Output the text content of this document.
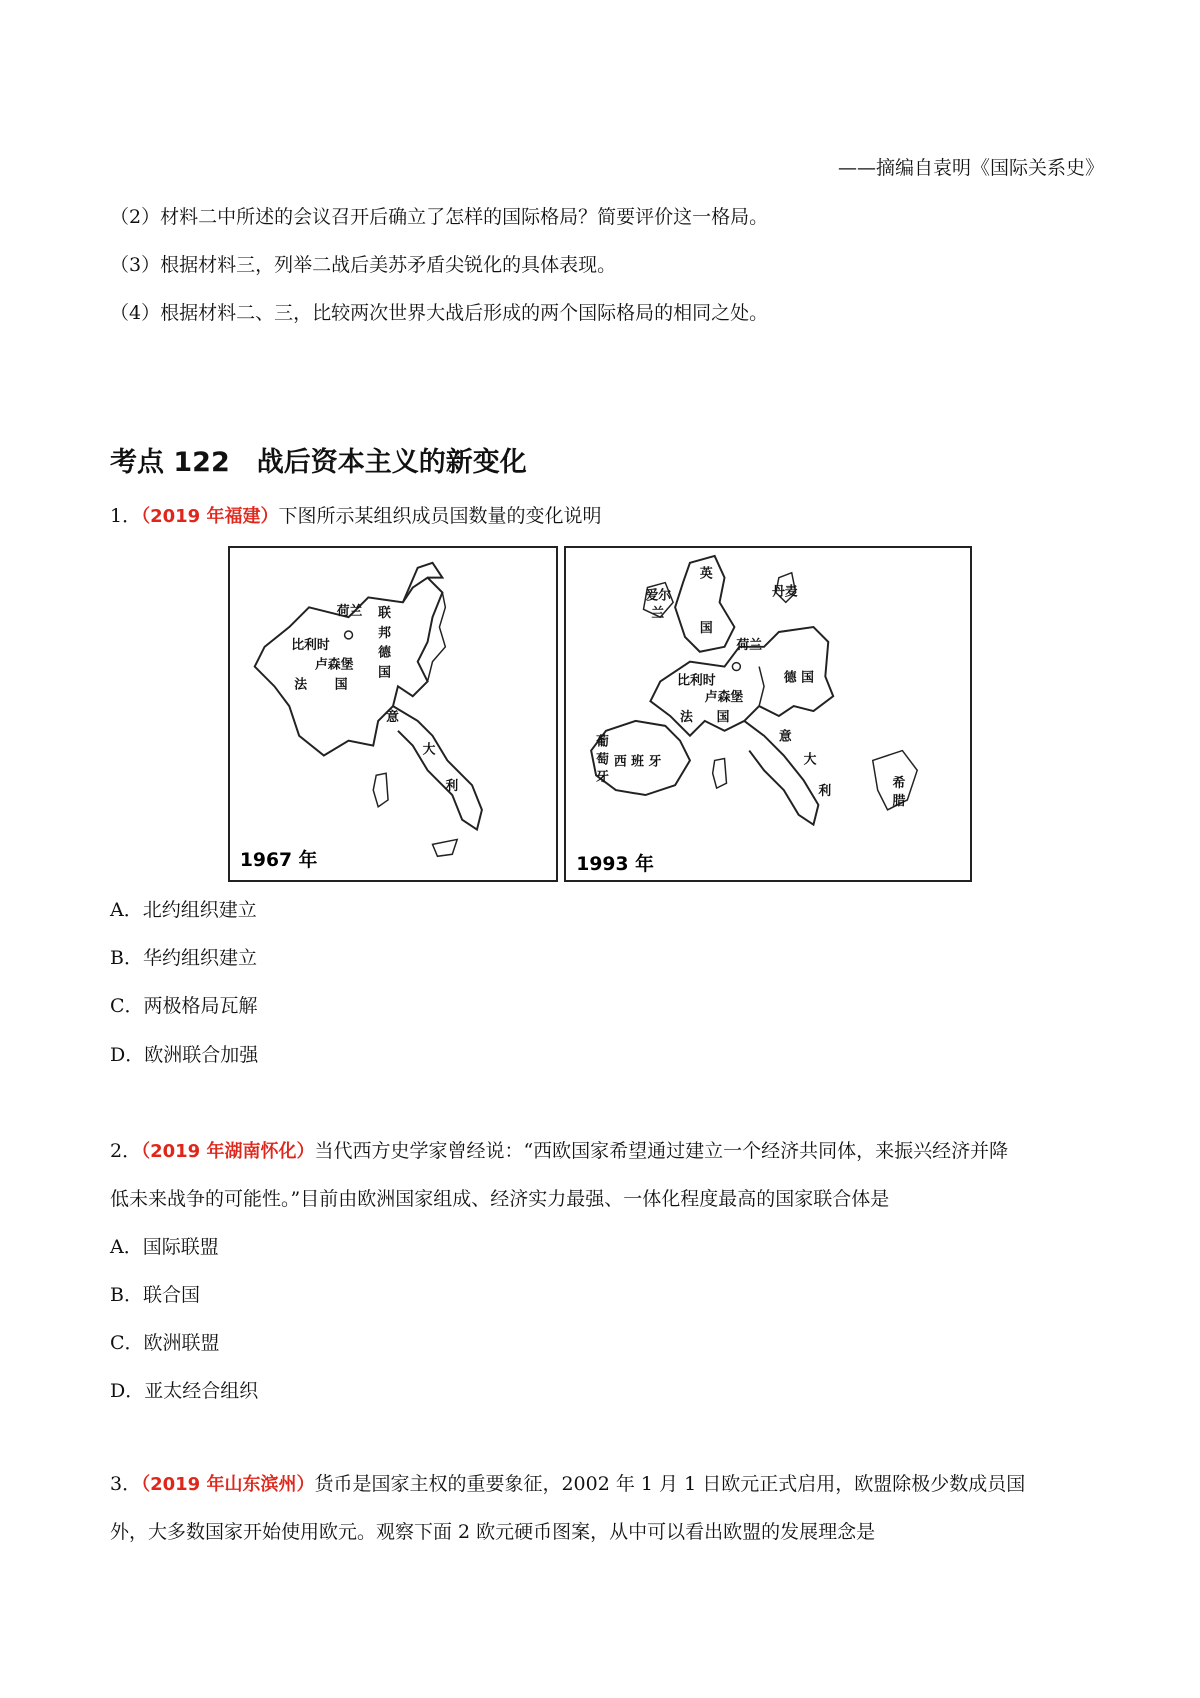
——摘编自袁明《国际关系史》
（2）材料二中所述的会议召开后确立了怎样的国际格局？简要评价这一格局。
（3）根据材料三，列举二战后美苏矛盾尖锐化的具体表现。
（4）根据材料二、三，比较两次世界大战后形成的两个国际格局的相同之处。
考点 122　战后资本主义的新变化
1．（2019 年福建）下图所示某组织成员国数量的变化说明
荷兰 联
邦
德
国
比利时
卢森堡
法 国
意
大
利
1967 年
英
国
爱尔
兰
丹麦
荷兰
德 国
比利时
卢森堡
法 国
葡
萄
牙
西 班 牙
意
大
利
希
腊
1993 年
A．北约组织建立
B．华约组织建立
C．两极格局瓦解
D．欧洲联合加强
2．（2019 年湖南怀化）当代西方史学家曾经说：“西欧国家希望通过建立一个经济共同体，来振兴经济并降
低未来战争的可能性。”目前由欧洲国家组成、经济实力最强、一体化程度最高的国家联合体是
A．国际联盟
B．联合国
C．欧洲联盟
D．亚太经合组织
3．（2019 年山东滨州）货币是国家主权的重要象征，2002 年 1 月 1 日欧元正式启用，欧盟除极少数成员国
外，大多数国家开始使用欧元。观察下面 2 欧元硬币图案，从中可以看出欧盟的发展理念是
